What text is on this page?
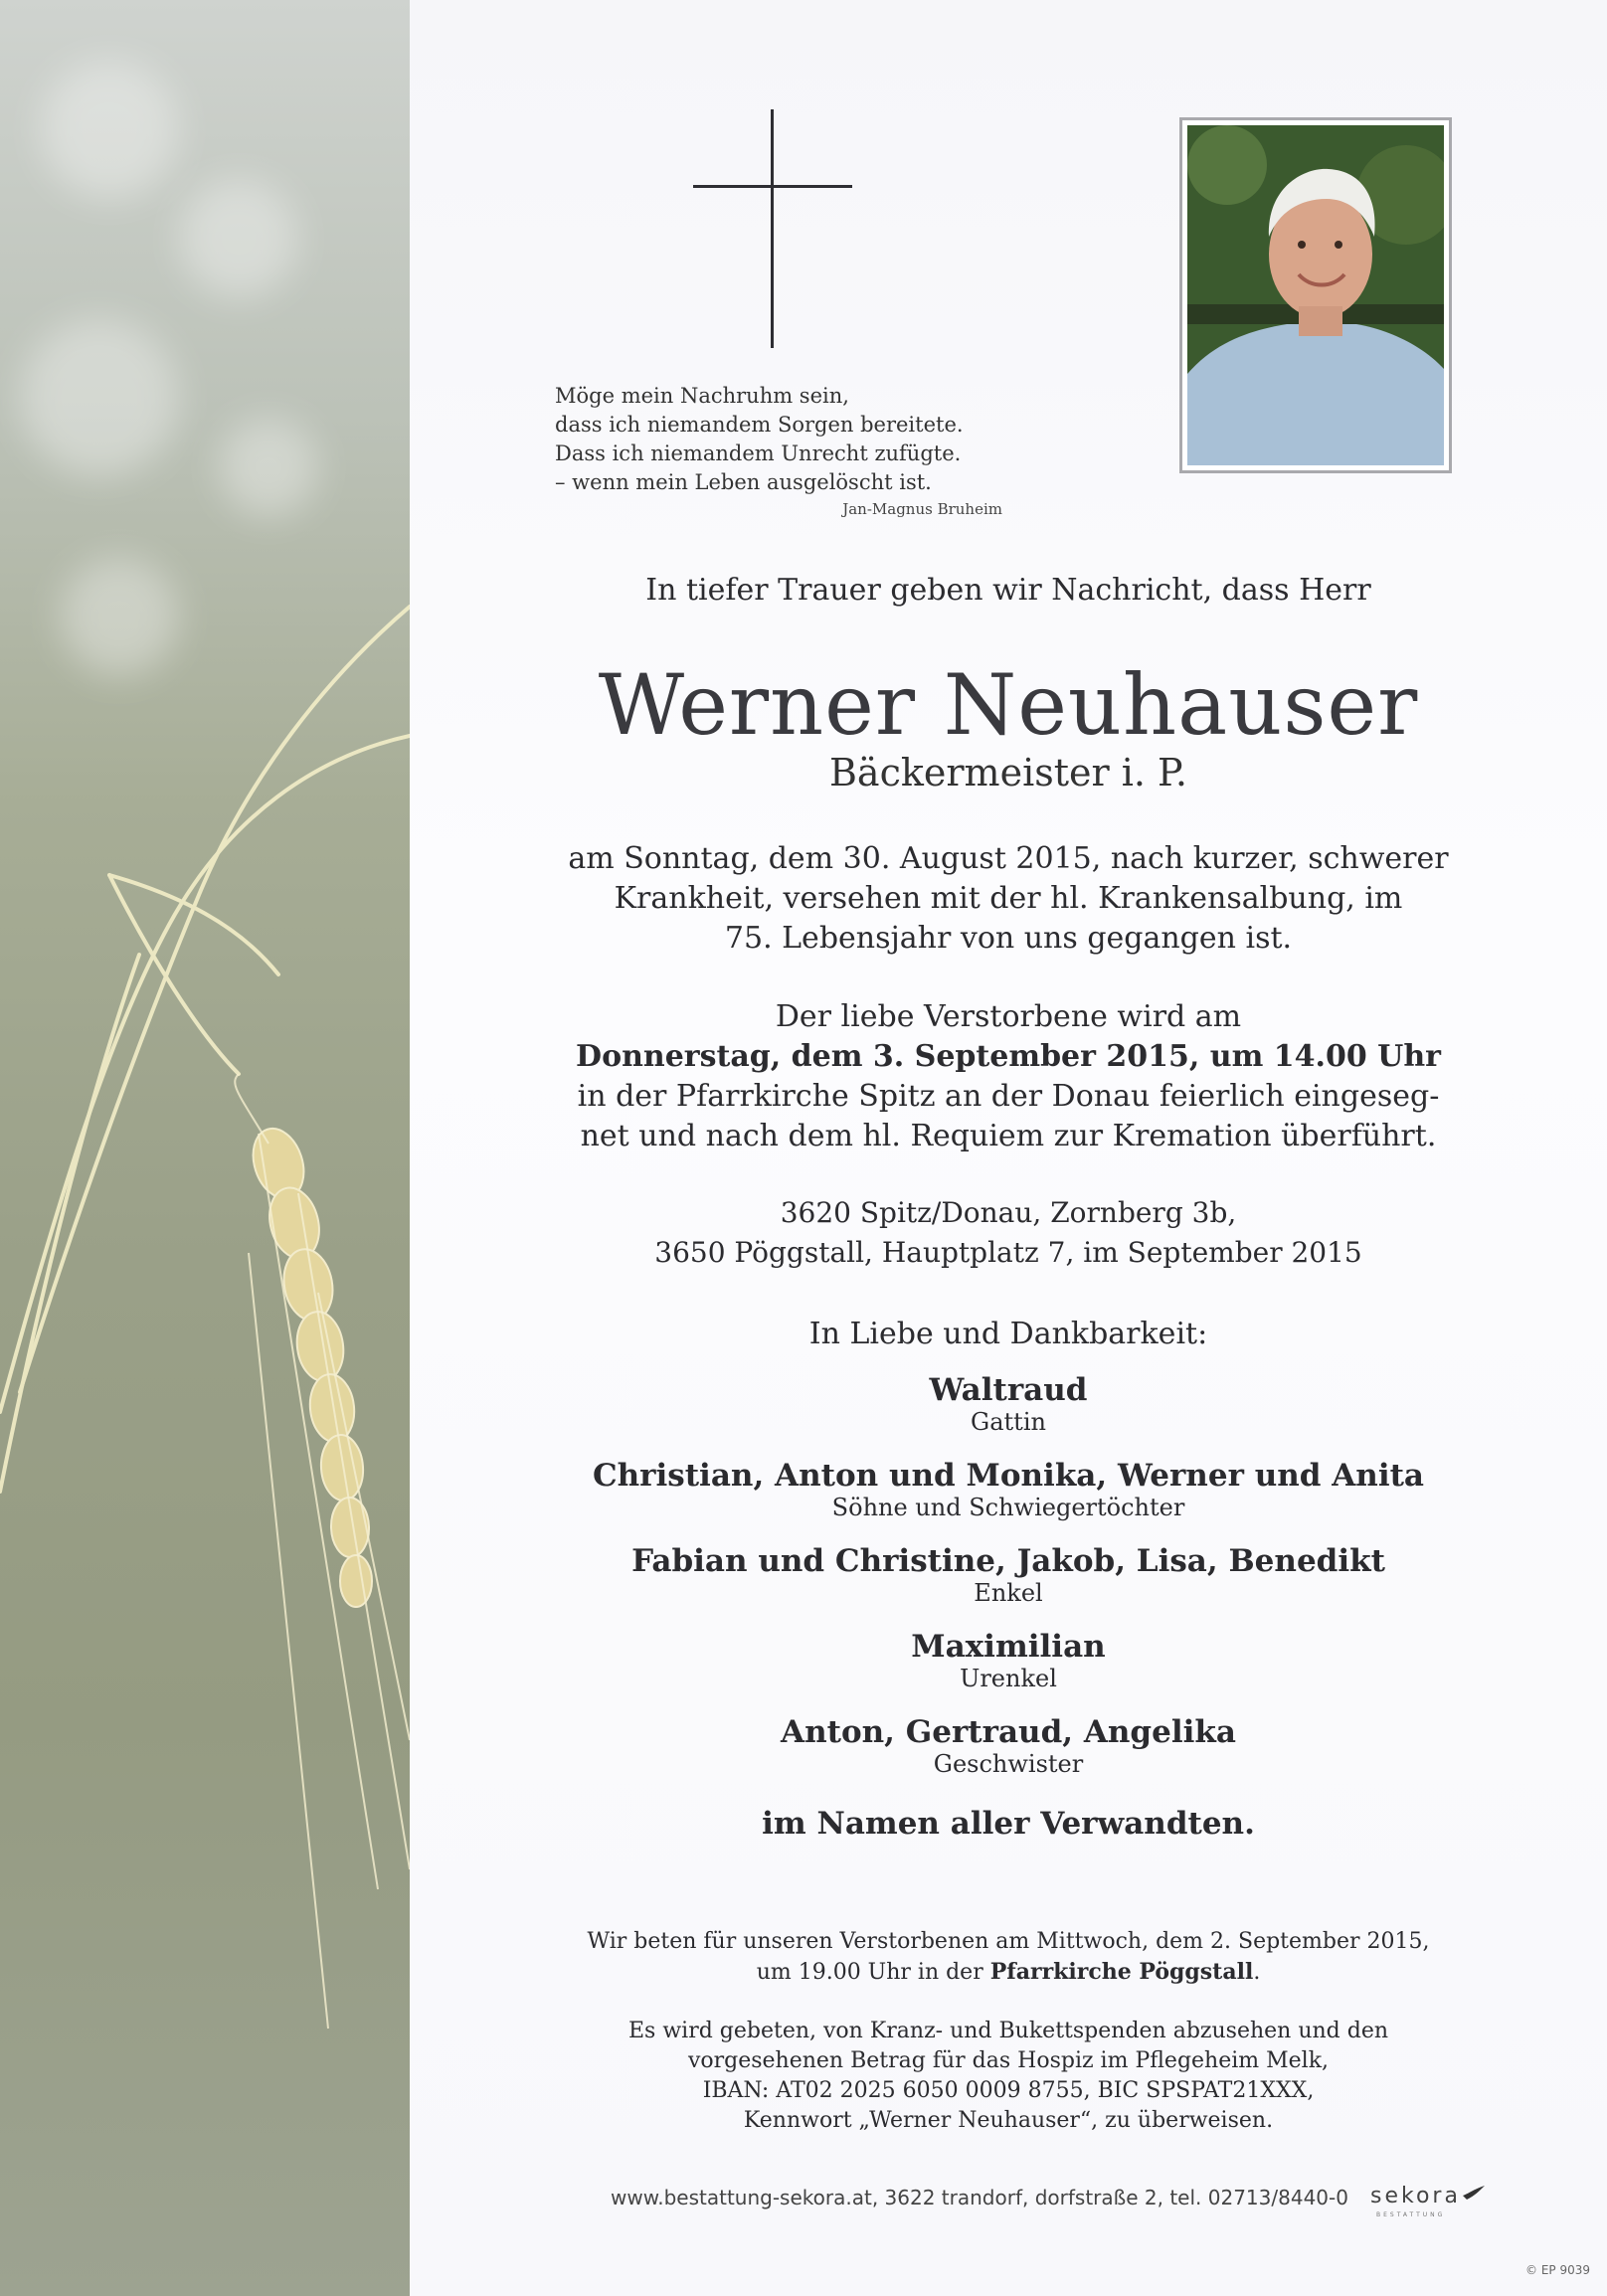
Möge mein Nachruhm sein,
dass ich niemandem Sorgen bereitete.
Dass ich niemandem Unrecht zufügte.
– wenn mein Leben ausgelöscht ist.
Jan-Magnus Bruheim
In tiefer Trauer geben wir Nachricht, dass Herr
Werner Neuhauser
Bäckermeister i. P.
am Sonntag, dem 30. August 2015, nach kurzer, schwerer
Krankheit, versehen mit der hl. Krankensalbung, im
75. Lebensjahr von uns gegangen ist.
Der liebe Verstorbene wird am
Donnerstag, dem 3. September 2015, um 14.00 Uhr
in der Pfarrkirche Spitz an der Donau feierlich eingeseg-
net und nach dem hl. Requiem zur Kremation überführt.
3620 Spitz/Donau, Zornberg 3b,
3650 Pöggstall, Hauptplatz 7, im September 2015
In Liebe und Dankbarkeit:
Waltraud
Gattin
Christian, Anton und Monika, Werner und Anita
Söhne und Schwiegertöchter
Fabian und Christine, Jakob, Lisa, Benedikt
Enkel
Maximilian
Urenkel
Anton, Gertraud, Angelika
Geschwister
im Namen aller Verwandten.
Wir beten für unseren Verstorbenen am Mittwoch, dem 2. September 2015,
um 19.00 Uhr in der Pfarrkirche Pöggstall.
Es wird gebeten, von Kranz- und Bukettspenden abzusehen und den
vorgesehenen Betrag für das Hospiz im Pflegeheim Melk,
IBAN: AT02 2025 6050 0009 8755, BIC SPSPAT21XXX,
Kennwort „Werner Neuhauser“, zu überweisen.
www.bestattung-sekora.at, 3622 trandorf, dorfstraße 2, tel. 02713/8440-0 sekora
BESTATTUNG
© EP 9039
